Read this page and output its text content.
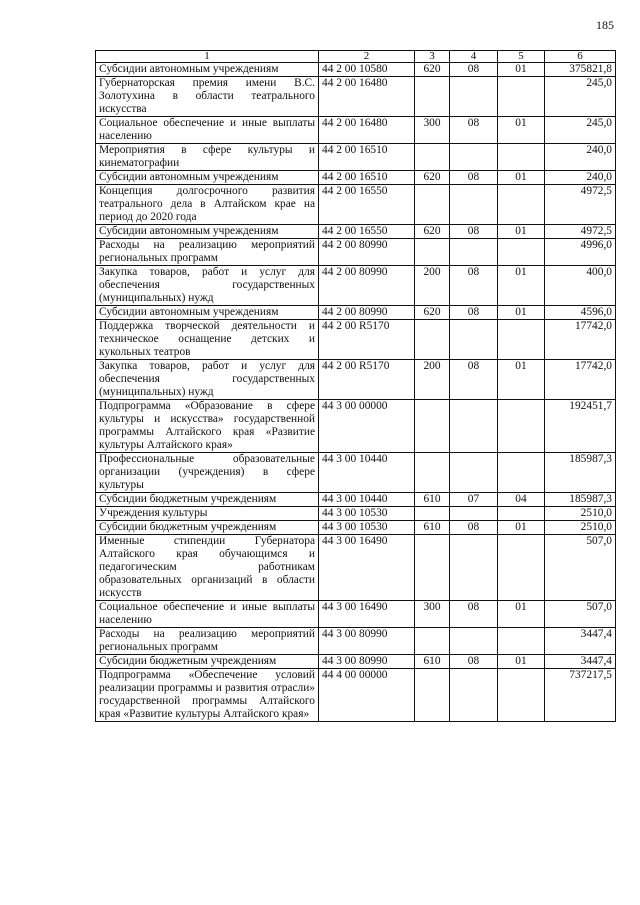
185
1	2	3	4	5	6
Субсидии автономным учреждениям	44 2 00 10580	620	08	01	375821,8
Губернаторская премия имени В.С. Золотухина в области театрального искусства	44 2 00 16480				245,0
Социальное обеспечение и иные выплаты населению	44 2 00 16480	300	08	01	245,0
Мероприятия в сфере культуры и кинематографии	44 2 00 16510				240,0
Субсидии автономным учреждениям	44 2 00 16510	620	08	01	240,0
Концепция долгосрочного развития театрального дела в Алтайском крае на период до 2020 года	44 2 00 16550				4972,5
Субсидии автономным учреждениям	44 2 00 16550	620	08	01	4972,5
Расходы на реализацию мероприятий региональных программ	44 2 00 80990				4996,0
Закупка товаров, работ и услуг для обеспечения государственных (муниципальных) нужд	44 2 00 80990	200	08	01	400,0
Субсидии автономным учреждениям	44 2 00 80990	620	08	01	4596,0
Поддержка творческой деятельности и техническое оснащение детских и кукольных театров	44 2 00 R5170				17742,0
Закупка товаров, работ и услуг для обеспечения государственных (муниципальных) нужд	44 2 00 R5170	200	08	01	17742,0
Подпрограмма «Образование в сфере культуры и искусства» государственной программы Алтайского края «Развитие культуры Алтайского края»	44 3 00 00000				192451,7
Профессиональные образовательные организации (учреждения) в сфере культуры	44 3 00 10440				185987,3
Субсидии бюджетным учреждениям	44 3 00 10440	610	07	04	185987,3
Учреждения культуры	44 3 00 10530				2510,0
Субсидии бюджетным учреждениям	44 3 00 10530	610	08	01	2510,0
Именные стипендии Губернатора Алтайского края обучающимся и педагогическим работникам образовательных организаций в области искусств	44 3 00 16490				507,0
Социальное обеспечение и иные выплаты населению	44 3 00 16490	300	08	01	507,0
Расходы на реализацию мероприятий региональных программ	44 3 00 80990				3447,4
Субсидии бюджетным учреждениям	44 3 00 80990	610	08	01	3447,4
Подпрограмма «Обеспечение условий реализации программы и развития отрасли» государственной программы Алтайского края «Развитие культуры Алтайского края»	44 4 00 00000				737217,5
